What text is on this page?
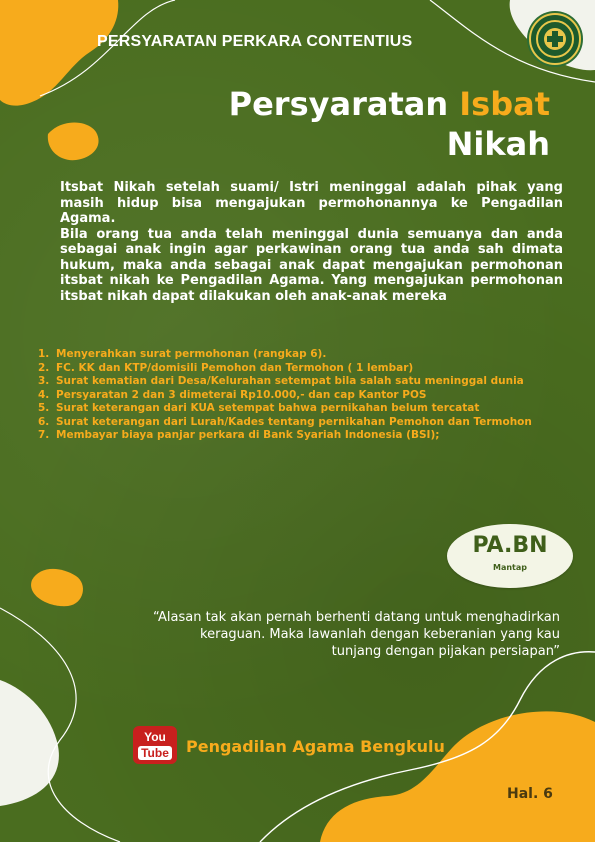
PERSYARATAN PERKARA CONTENTIUS
Persyaratan Isbat
Nikah

Itsbat Nikah setelah suami/ Istri meninggal adalah pihak yang masih hidup bisa mengajukan permohonannya ke Pengadilan Agama.

Bila orang tua anda telah meninggal dunia semuanya dan anda sebagai anak ingin agar perkawinan orang tua anda sah dimata hukum, maka anda sebagai anak dapat mengajukan permohonan itsbat nikah ke Pengadilan Agama. Yang mengajukan permohonan itsbat nikah dapat dilakukan oleh anak-anak mereka

1. Menyerahkan surat permohonan (rangkap 6).
2. FC. KK dan KTP/domisili Pemohon dan Termohon ( 1 lembar)
3. Surat kematian dari Desa/Kelurahan setempat bila salah satu meninggal dunia
4. Persyaratan 2 dan 3 dimeterai Rp10.000,- dan cap Kantor POS
5. Surat keterangan dari KUA setempat bahwa pernikahan belum tercatat
6. Surat keterangan dari Lurah/Kades tentang pernikahan Pemohon dan Termohon
7. Membayar biaya panjar perkara di Bank Syariah Indonesia (BSI);
PA.BN
Mantap
“Alasan tak akan pernah berhenti datang untuk menghadirkan keraguan. Maka lawanlah dengan keberanian yang kau tunjang dengan pijakan persiapan”
You
Tube Pengadilan Agama Bengkulu
Hal. 6
